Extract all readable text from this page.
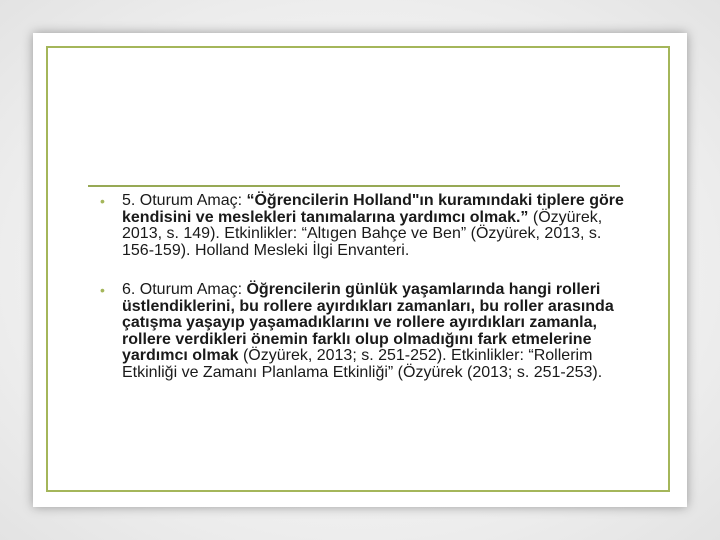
• 5. Oturum Amaç: “Öğrencilerin Holland"ın kuramındaki tiplere göre kendisini ve meslekleri tanımalarına yardımcı olmak.” (Özyürek, 2013, s. 149). Etkinlikler: “Altıgen Bahçe ve Ben” (Özyürek, 2013, s. 156-159). Holland Mesleki İlgi Envanteri.
• 6. Oturum Amaç: Öğrencilerin günlük yaşamlarında hangi rolleri üstlendiklerini, bu rollere ayırdıkları zamanları, bu roller arasında çatışma yaşayıp yaşamadıklarını ve rollere ayırdıkları zamanla, rollere verdikleri önemin farklı olup olmadığını fark etmelerine yardımcı olmak (Özyürek, 2013; s. 251-252). Etkinlikler: “Rollerim Etkinliği ve Zamanı Planlama Etkinliği” (Özyürek (2013; s. 251-253).
